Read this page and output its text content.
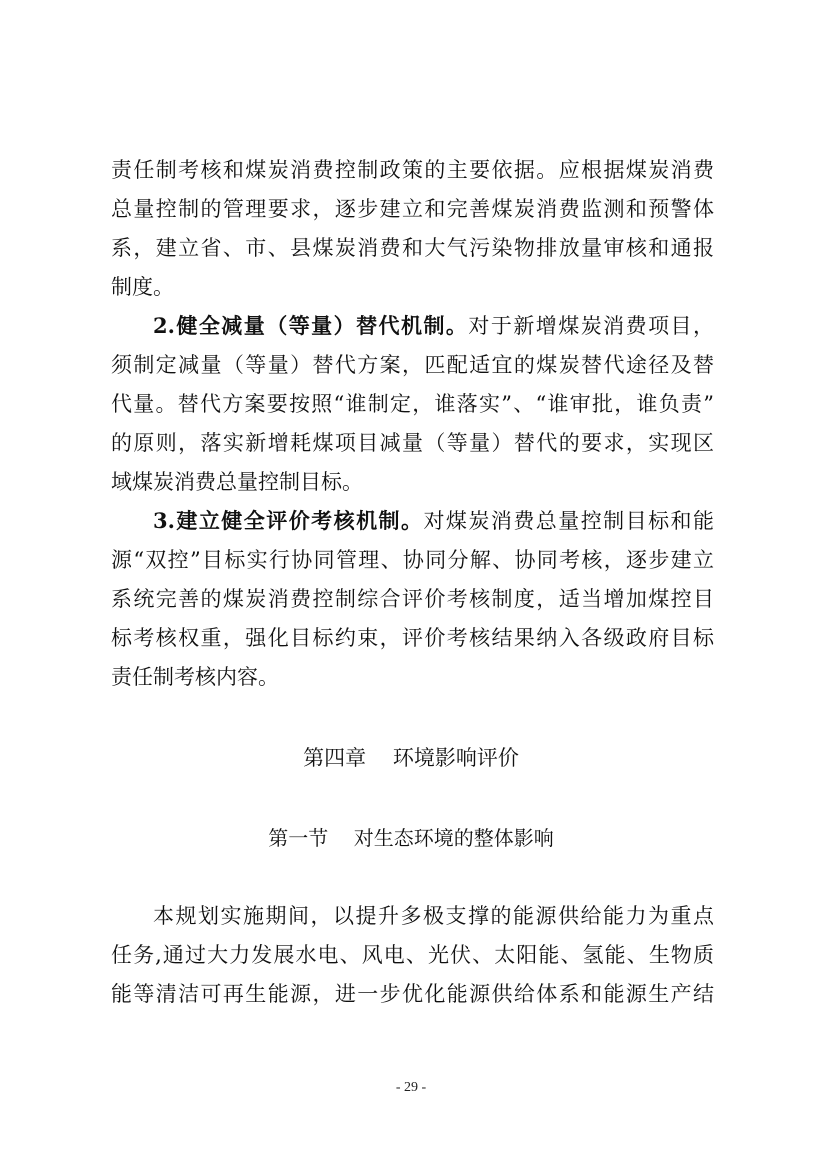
责任制考核和煤炭消费控制政策的主要依据。应根据煤炭消费
总量控制的管理要求，逐步建立和完善煤炭消费监测和预警体
系，建立省、市、县煤炭消费和大气污染物排放量审核和通报
制度。
2.健全减量（等量）替代机制。对于新增煤炭消费项目，
须制定减量（等量）替代方案，匹配适宜的煤炭替代途径及替
代量。替代方案要按照“谁制定，谁落实”、“谁审批，谁负责”
的原则，落实新增耗煤项目减量（等量）替代的要求，实现区
域煤炭消费总量控制目标。
3.建立健全评价考核机制。对煤炭消费总量控制目标和能
源“双控”目标实行协同管理、协同分解、协同考核，逐步建立
系统完善的煤炭消费控制综合评价考核制度，适当增加煤控目
标考核权重，强化目标约束，评价考核结果纳入各级政府目标
责任制考核内容。
第四章    环境影响评价
第一节    对生态环境的整体影响
本规划实施期间，以提升多极支撑的能源供给能力为重点
任务,通过大力发展水电、风电、光伏、太阳能、氢能、生物质
能等清洁可再生能源，进一步优化能源供给体系和能源生产结
- 29 -
